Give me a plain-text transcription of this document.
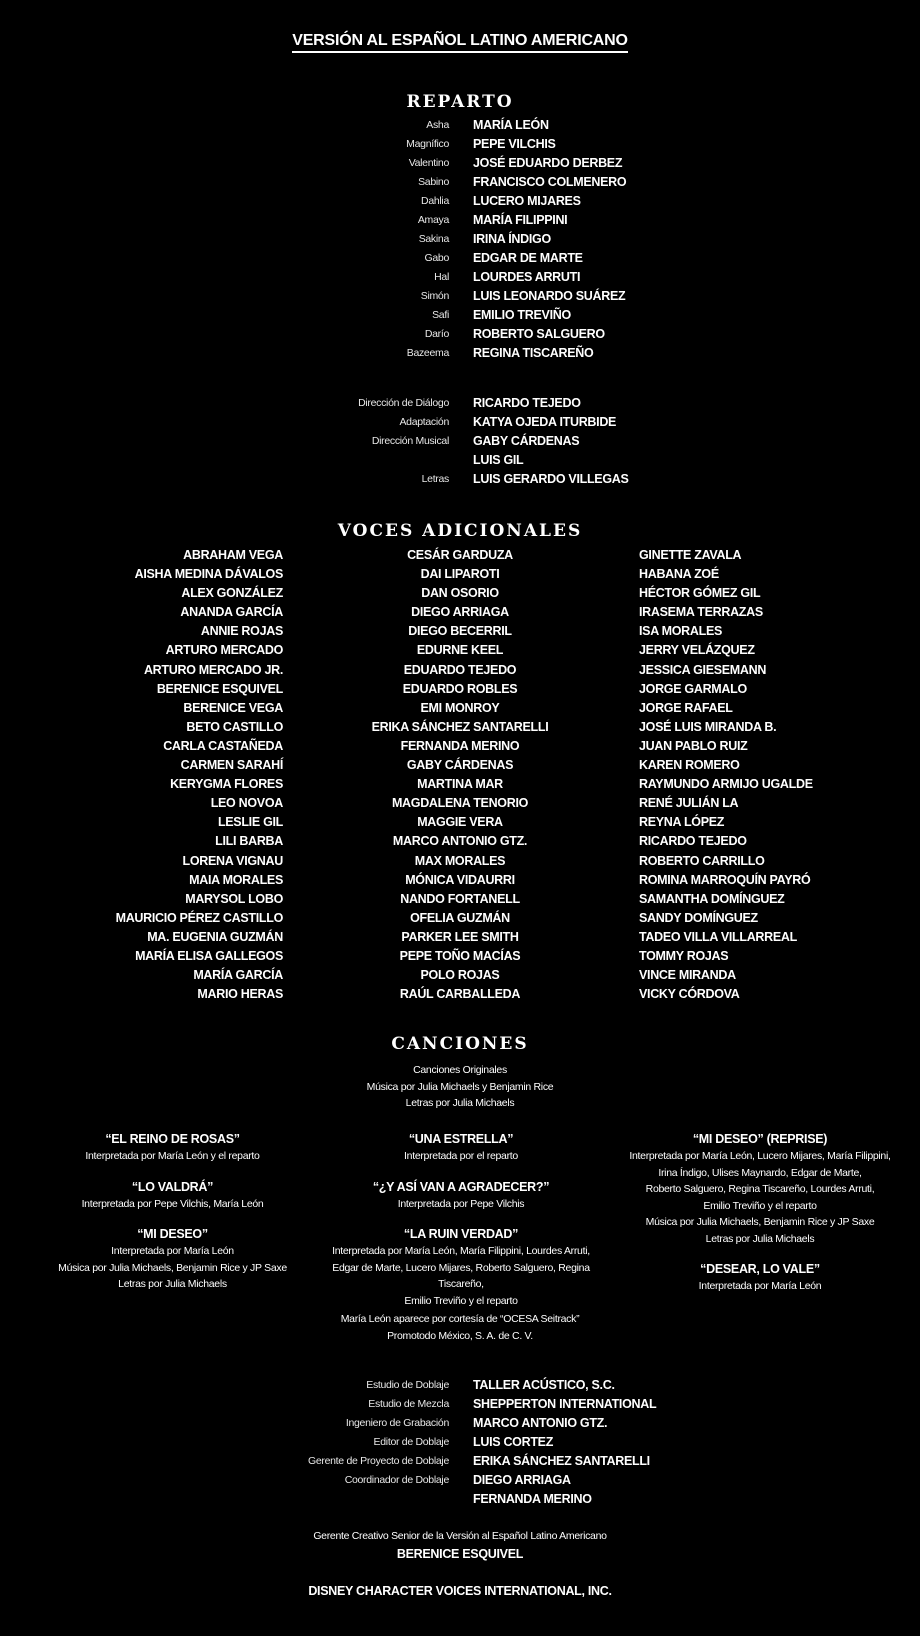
VERSIÓN AL ESPAÑOL LATINO AMERICANO
REPARTO
Asha MARÍA LEÓN
Magnífico PEPE VILCHIS
Valentino JOSÉ EDUARDO DERBEZ
Sabino FRANCISCO COLMENERO
Dahlia LUCERO MIJARES
Amaya MARÍA FILIPPINI
Sakina IRINA ÍNDIGO
Gabo EDGAR DE MARTE
Hal LOURDES ARRUTI
Simón LUIS LEONARDO SUÁREZ
Safi EMILIO TREVIÑO
Darío ROBERTO SALGUERO
Bazeema REGINA TISCAREÑO
Dirección de Diálogo RICARDO TEJEDO
Adaptación KATYA OJEDA ITURBIDE
Dirección Musical GABY CÁRDENAS
LUIS GIL
Letras LUIS GERARDO VILLEGAS
VOCES ADICIONALES
ABRAHAM VEGA
AISHA MEDINA DÁVALOS
ALEX GONZÁLEZ
ANANDA GARCÍA
ANNIE ROJAS
ARTURO MERCADO
ARTURO MERCADO JR.
BERENICE ESQUIVEL
BERENICE VEGA
BETO CASTILLO
CARLA CASTAÑEDA
CARMEN SARAHÍ
KERYGMA FLORES
LEO NOVOA
LESLIE GIL
LILI BARBA
LORENA VIGNAU
MAIA MORALES
MARYSOL LOBO
MAURICIO PÉREZ CASTILLO
MA. EUGENIA GUZMÁN
MARÍA ELISA GALLEGOS
MARÍA GARCÍA
MARIO HERAS
CESÁR GARDUZA
DAI LIPAROTI
DAN OSORIO
DIEGO ARRIAGA
DIEGO BECERRIL
EDURNE KEEL
EDUARDO TEJEDO
EDUARDO ROBLES
EMI MONROY
ERIKA SÁNCHEZ SANTARELLI
FERNANDA MERINO
GABY CÁRDENAS
MARTINA MAR
MAGDALENA TENORIO
MAGGIE VERA
MARCO ANTONIO GTZ.
MAX MORALES
MÓNICA VIDAURRI
NANDO FORTANELL
OFELIA GUZMÁN
PARKER LEE SMITH
PEPE TOÑO MACÍAS
POLO ROJAS
RAÚL CARBALLEDA
GINETTE ZAVALA
HABANA ZOÉ
HÉCTOR GÓMEZ GIL
IRASEMA TERRAZAS
ISA MORALES
JERRY VELÁZQUEZ
JESSICA GIESEMANN
JORGE GARMALO
JORGE RAFAEL
JOSÉ LUIS MIRANDA B.
JUAN PABLO RUIZ
KAREN ROMERO
RAYMUNDO ARMIJO UGALDE
RENÉ JULIÁN LA
REYNA LÓPEZ
RICARDO TEJEDO
ROBERTO CARRILLO
ROMINA MARROQUÍN PAYRÓ
SAMANTHA DOMÍNGUEZ
SANDY DOMÍNGUEZ
TADEO VILLA VILLARREAL
TOMMY ROJAS
VINCE MIRANDA
VICKY CÓRDOVA
CANCIONES
Canciones Originales
Música por Julia Michaels y Benjamin Rice
Letras por Julia Michaels
“EL REINO DE ROSAS”
Interpretada por María León y el reparto
“LO VALDRÁ”
Interpretada por Pepe Vilchis, María León
“MI DESEO”
Interpretada por María León
Música por Julia Michaels, Benjamin Rice y JP Saxe
Letras por Julia Michaels
“UNA ESTRELLA”
Interpretada por el reparto
“¿Y ASÍ VAN A AGRADECER?”
Interpretada por Pepe Vilchis
“LA RUIN VERDAD”
Interpretada por María León, María Filippini, Lourdes Arruti,
Edgar de Marte, Lucero Mijares, Roberto Salguero, Regina Tiscareño,
Emilio Treviño y el reparto
“MI DESEO” (REPRISE)
Interpretada por María León, Lucero Mijares, María Filippini,
Irina Índigo, Ulises Maynardo, Edgar de Marte,
Roberto Salguero, Regina Tiscareño, Lourdes Arruti,
Emilio Treviño y el reparto
Música por Julia Michaels, Benjamin Rice y JP Saxe
Letras por Julia Michaels
“DESEAR, LO VALE”
Interpretada por María León
María León aparece por cortesía de “OCESA Seitrack”
Promotodo México, S. A. de C. V.
Estudio de Doblaje TALLER ACÚSTICO, S.C.
Estudio de Mezcla SHEPPERTON INTERNATIONAL
Ingeniero de Grabación MARCO ANTONIO GTZ.
Editor de Doblaje LUIS CORTEZ
Gerente de Proyecto de Doblaje ERIKA SÁNCHEZ SANTARELLI
Coordinador de Doblaje DIEGO ARRIAGA
FERNANDA MERINO
Gerente Creativo Senior de la Versión al Español Latino Americano
BERENICE ESQUIVEL
DISNEY CHARACTER VOICES INTERNATIONAL, INC.
